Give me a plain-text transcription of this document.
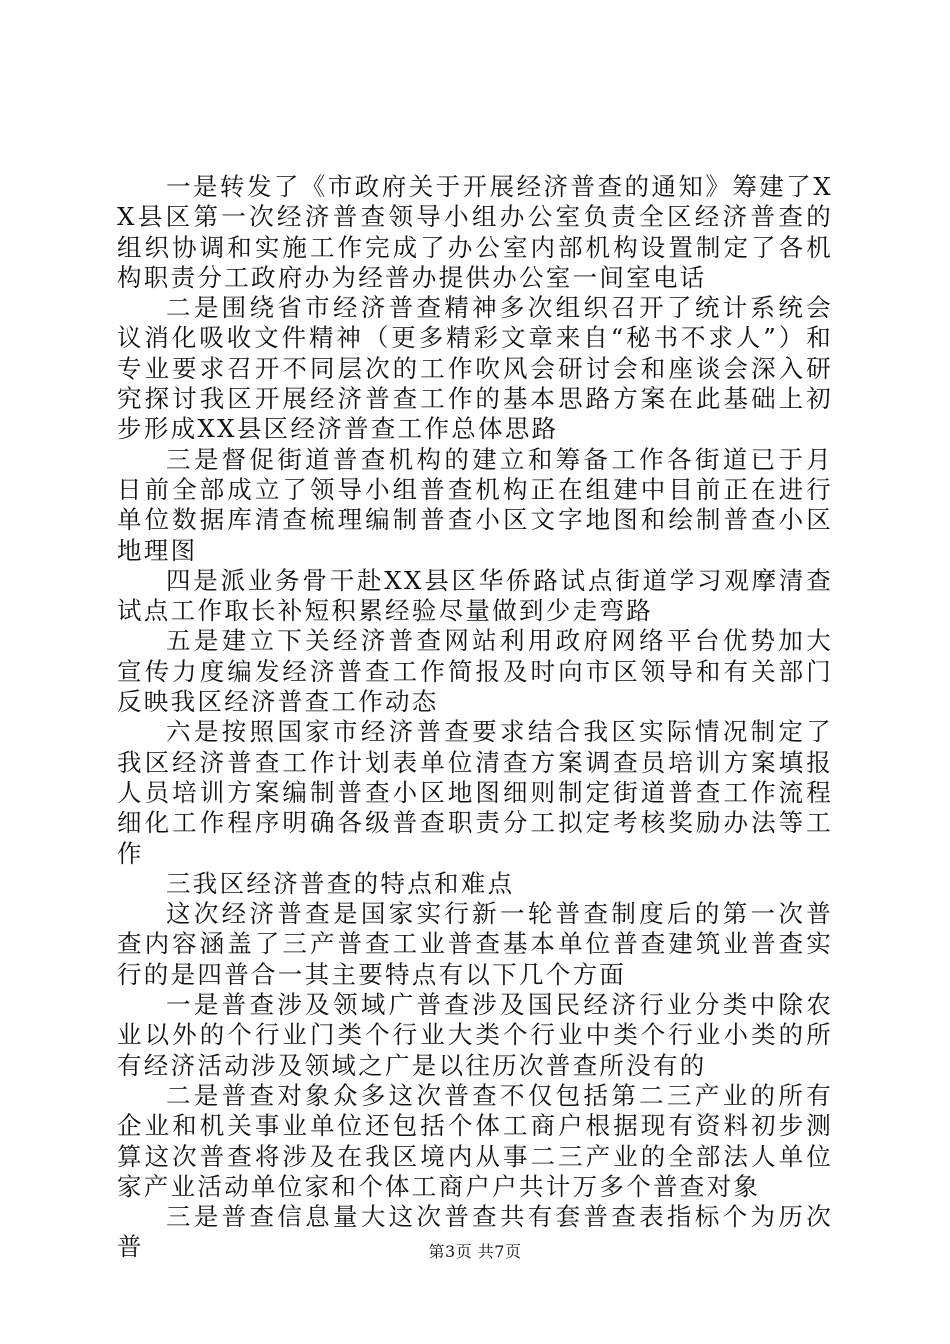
一是转发了《市政府关于开展经济普查的通知》筹建了XX县区第一次经济普查领导小组办公室负责全区经济普查的组织协调和实施工作完成了办公室内部机构设置制定了各机构职责分工政府办为经普办提供办公室一间室电话

二是围绕省市经济普查精神多次组织召开了统计系统会议消化吸收文件精神（更多精彩文章来自“秘书不求人”）和专业要求召开不同层次的工作吹风会研讨会和座谈会深入研究探讨我区开展经济普查工作的基本思路方案在此基础上初步形成XX县区经济普查工作总体思路

三是督促街道普查机构的建立和筹备工作各街道已于月日前全部成立了领导小组普查机构正在组建中目前正在进行单位数据库清查梳理编制普查小区文字地图和绘制普查小区地理图

四是派业务骨干赴XX县区华侨路试点街道学习观摩清查试点工作取长补短积累经验尽量做到少走弯路

五是建立下关经济普查网站利用政府网络平台优势加大宣传力度编发经济普查工作简报及时向市区领导和有关部门反映我区经济普查工作动态

六是按照国家市经济普查要求结合我区实际情况制定了我区经济普查工作计划表单位清查方案调查员培训方案填报人员培训方案编制普查小区地图细则制定街道普查工作流程细化工作程序明确各级普查职责分工拟定考核奖励办法等工作

三我区经济普查的特点和难点

这次经济普查是国家实行新一轮普查制度后的第一次普查内容涵盖了三产普查工业普查基本单位普查建筑业普查实行的是四普合一其主要特点有以下几个方面

一是普查涉及领域广普查涉及国民经济行业分类中除农业以外的个行业门类个行业大类个行业中类个行业小类的所有经济活动涉及领域之广是以往历次普查所没有的

二是普查对象众多这次普查不仅包括第二三产业的所有企业和机关事业单位还包括个体工商户根据现有资料初步测算这次普查将涉及在我区境内从事二三产业的全部法人单位家产业活动单位家和个体工商户户共计万多个普查对象

三是普查信息量大这次普查共有套普查表指标个为历次普	第3页 共7页
